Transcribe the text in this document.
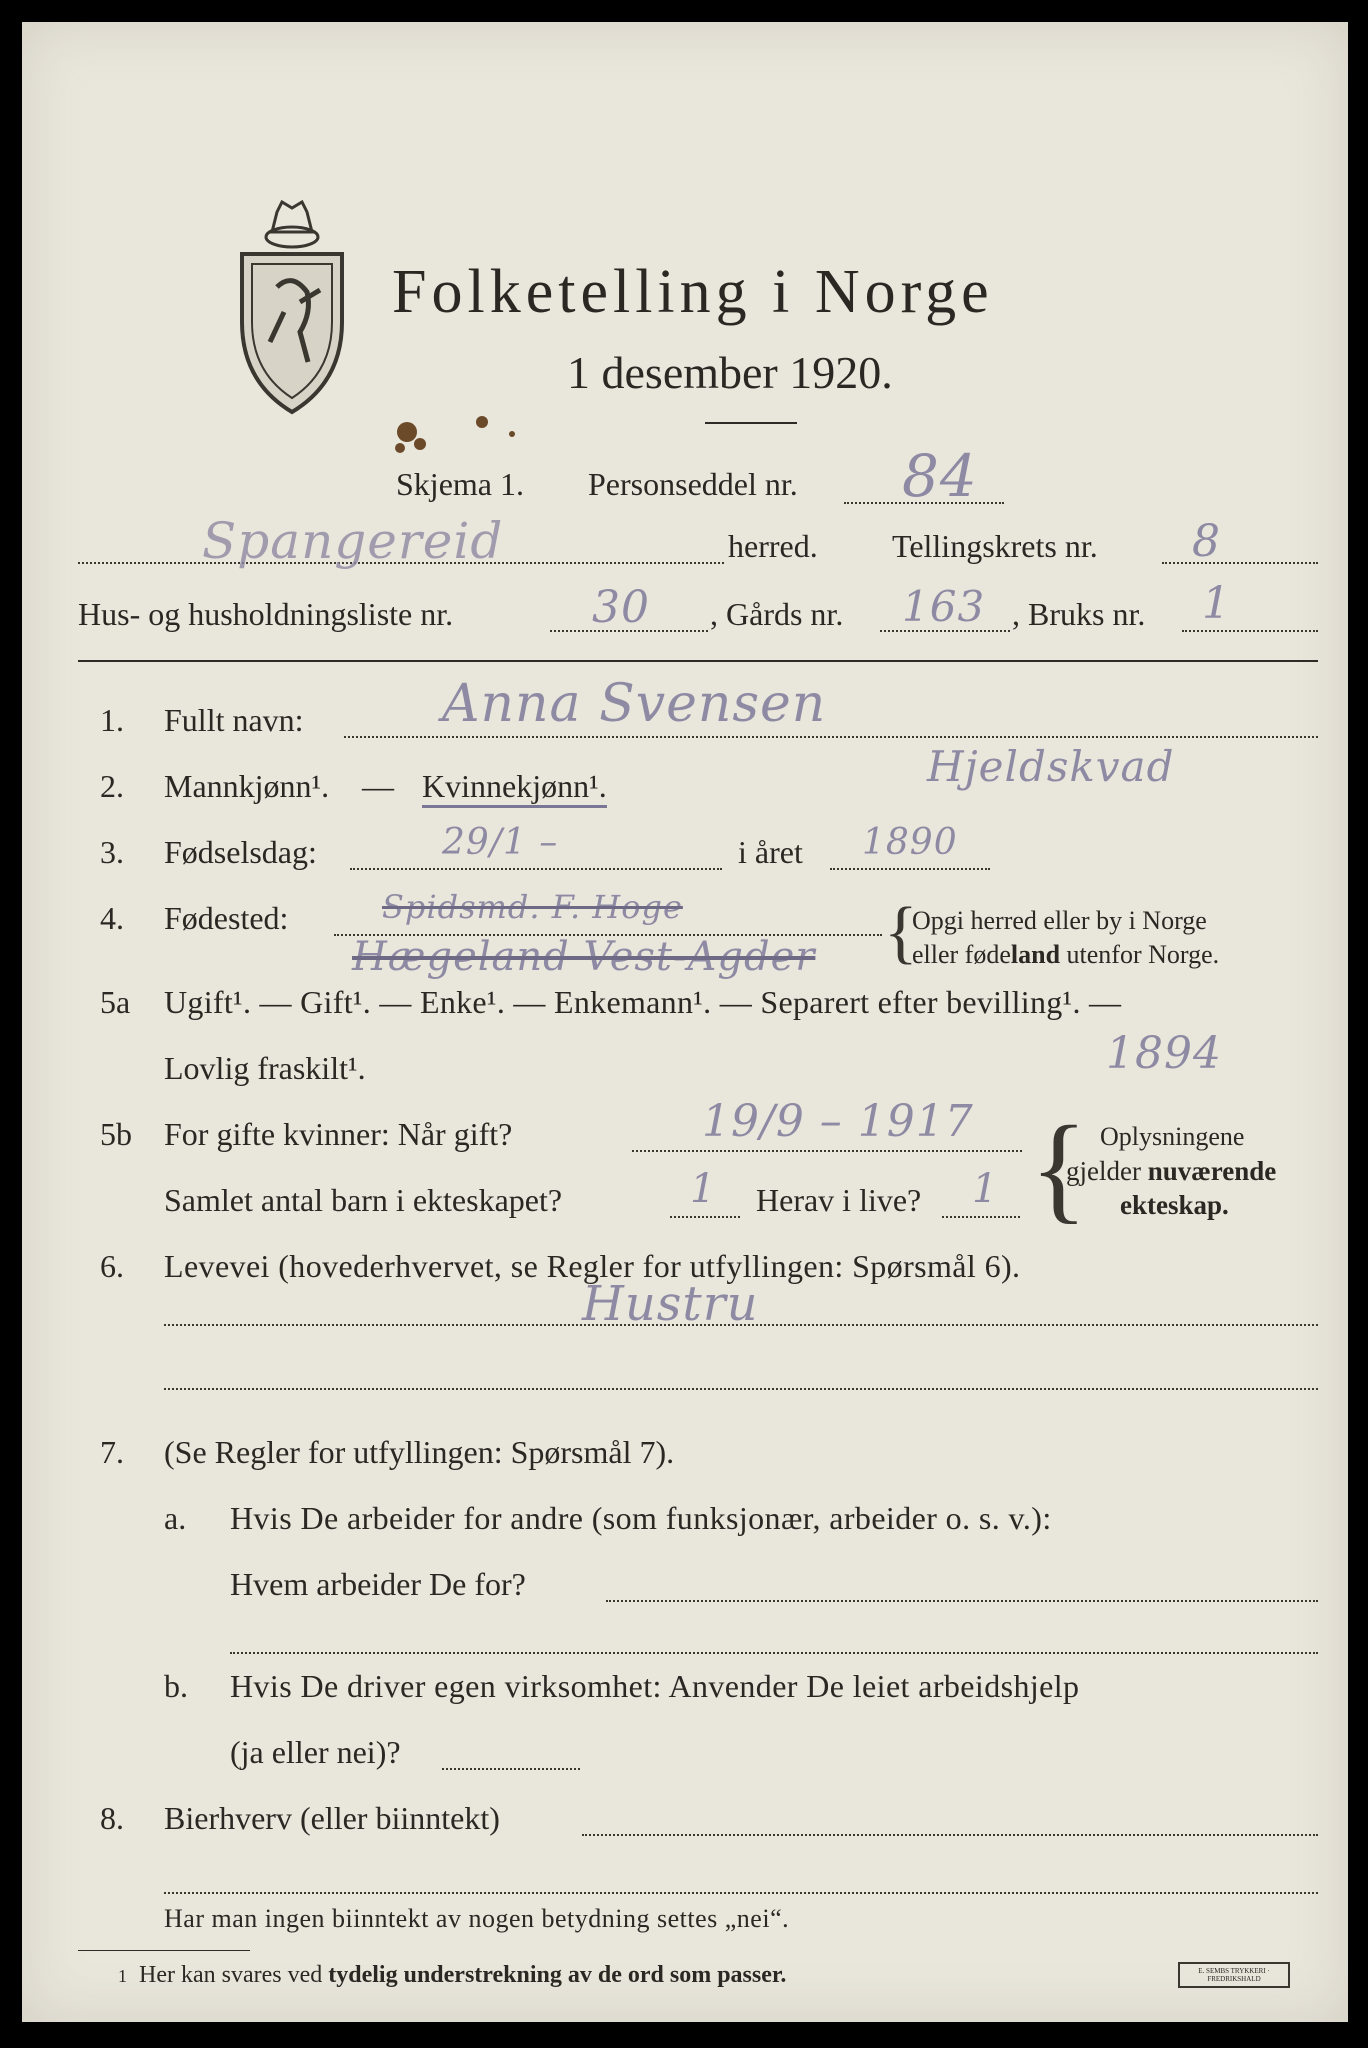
Folketelling i Norge
1 desember 1920.
Skjema 1. Personseddel nr. 84
Spangereid	herred. Tellingskrets nr. 8
Hus- og husholdningsliste nr.	30 , Gårds nr. 163 , Bruks nr. 1
1. Fullt navn:	Anna Svensen
Hjeldskvad
2. Mannkjønn¹. — Kvinnekjønn¹.
3. Fødselsdag:	29/1 –	i året 1890
4. Fødested:	Spidsmd. F. Hoge
Hægeland Vest-Agder {
Opgi herred eller by i Norge
eller fødeland utenfor Norge.
5a Ugift¹. — Gift¹. — Enke¹. — Enkemann¹. — Separert efter bevilling¹. —
Lovlig fraskilt¹.	1894
5b For gifte kvinner: Når gift?	19/9 – 1917
Samlet antal barn i ekteskapet?	1 Herav i live? 1 { Oplysningene
gjelder nuværende
ekteskap.
6. Levevei (hovederhvervet, se Regler for utfyllingen: Spørsmål 6).
Hustru
7. (Se Regler for utfyllingen: Spørsmål 7).
a. Hvis De arbeider for andre (som funksjonær, arbeider o. s. v.):
Hvem arbeider De for?
b. Hvis De driver egen virksomhet: Anvender De leiet arbeidshjelp
(ja eller nei)?
8. Bierhverv (eller biinntekt)
Har man ingen biinntekt av nogen betydning settes „nei“.
1 Her kan svares ved tydelig understrekning av de ord som passer.	E. SEMBS TRYKKERI · FREDRIKSHALD
